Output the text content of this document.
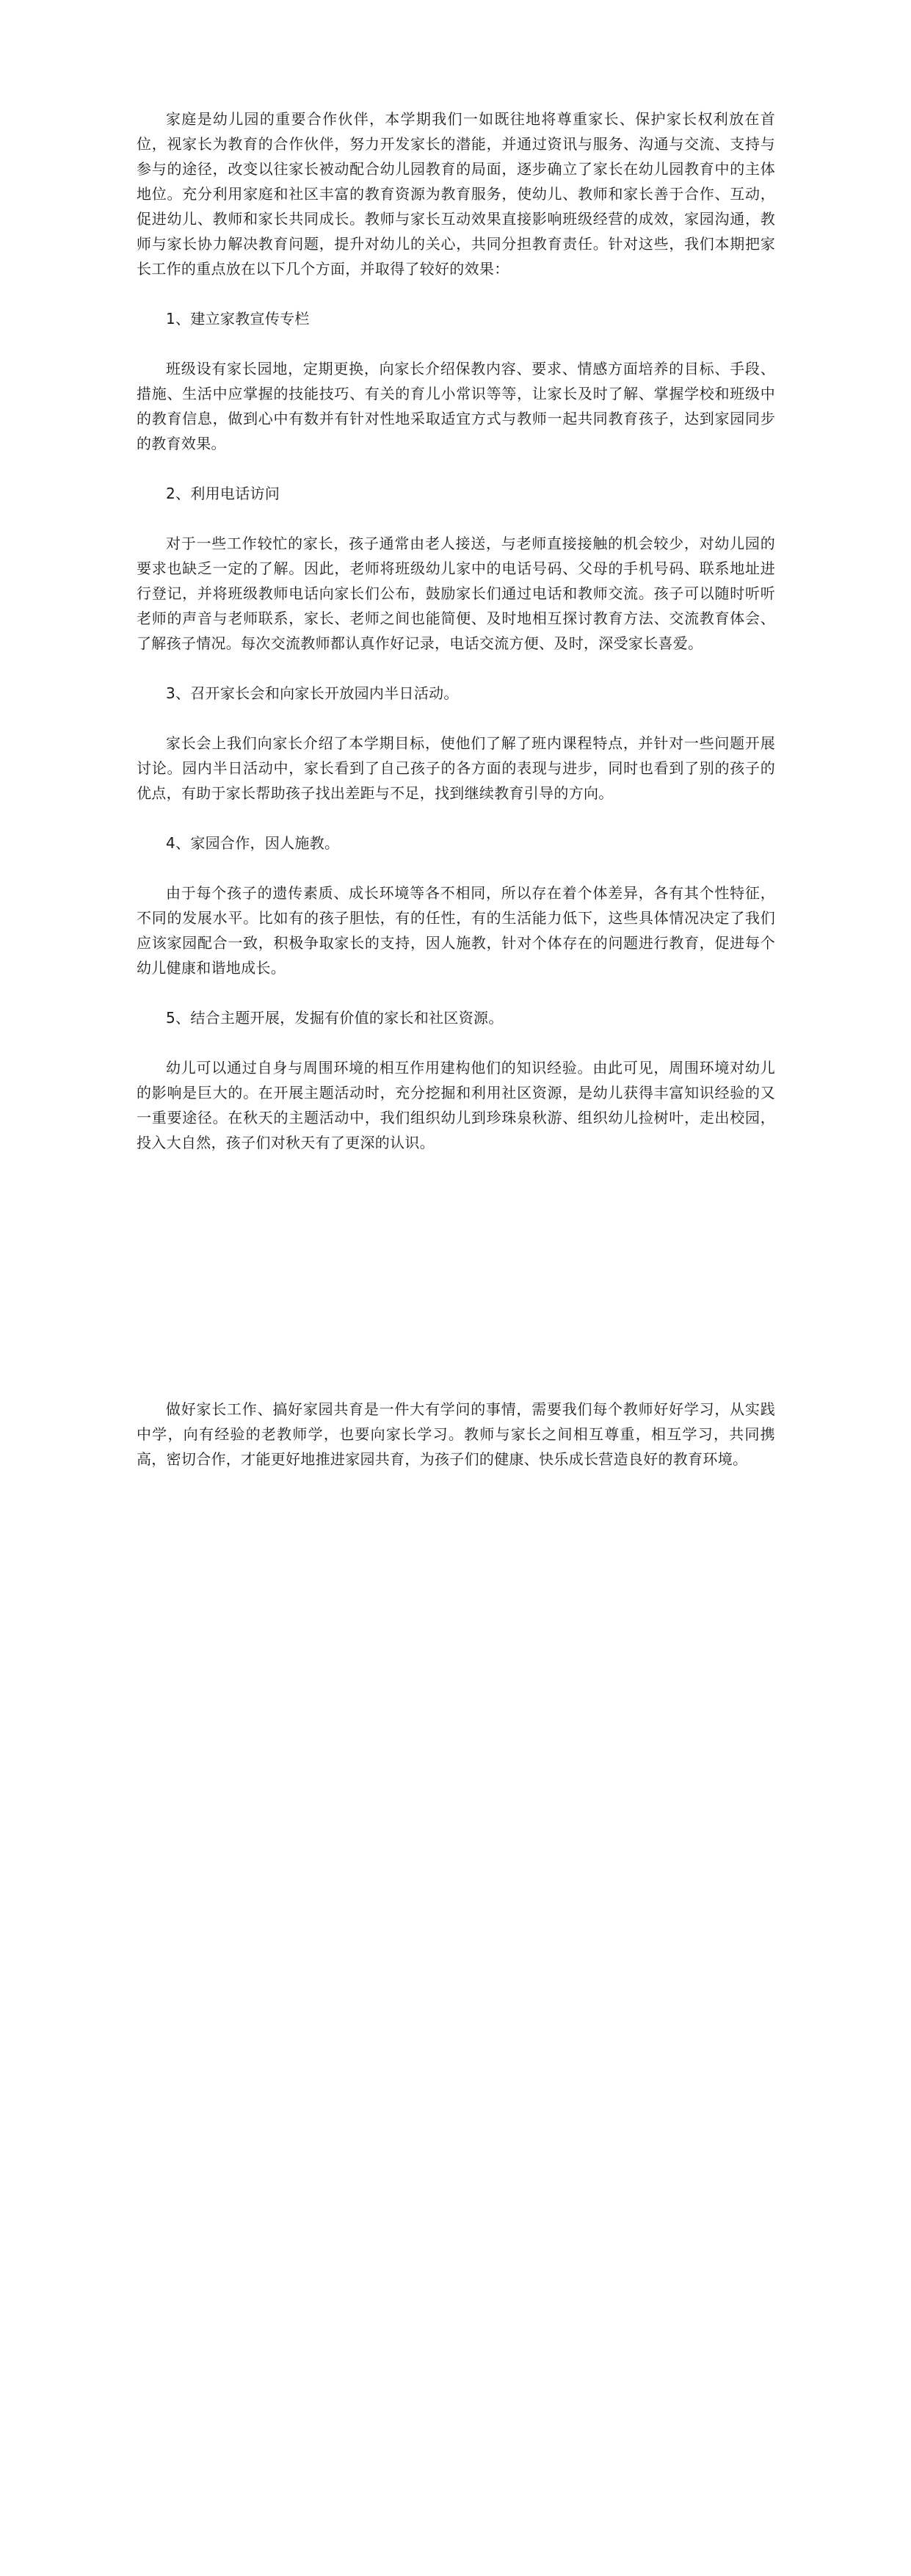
家庭是幼儿园的重要合作伙伴，本学期我们一如既往地将尊重家长、保护家长权利放在首位，视家长为教育的合作伙伴，努力开发家长的潜能，并通过资讯与服务、沟通与交流、支持与参与的途径，改变以往家长被动配合幼儿园教育的局面，逐步确立了家长在幼儿园教育中的主体地位。充分利用家庭和社区丰富的教育资源为教育服务，使幼儿、教师和家长善于合作、互动，促进幼儿、教师和家长共同成长。教师与家长互动效果直接影响班级经营的成效，家园沟通，教师与家长协力解决教育问题，提升对幼儿的关心，共同分担教育责任。针对这些，我们本期把家长工作的重点放在以下几个方面，并取得了较好的效果：

1、建立家教宣传专栏

班级设有家长园地，定期更换，向家长介绍保教内容、要求、情感方面培养的目标、手段、措施、生活中应掌握的技能技巧、有关的育儿小常识等等，让家长及时了解、掌握学校和班级中的教育信息，做到心中有数并有针对性地采取适宜方式与教师一起共同教育孩子，达到家园同步的教育效果。

2、利用电话访问

对于一些工作较忙的家长，孩子通常由老人接送，与老师直接接触的机会较少，对幼儿园的要求也缺乏一定的了解。因此，老师将班级幼儿家中的电话号码、父母的手机号码、联系地址进行登记，并将班级教师电话向家长们公布，鼓励家长们通过电话和教师交流。孩子可以随时听听老师的声音与老师联系，家长、老师之间也能简便、及时地相互探讨教育方法、交流教育体会、了解孩子情况。每次交流教师都认真作好记录，电话交流方便、及时，深受家长喜爱。

3、召开家长会和向家长开放园内半日活动。

家长会上我们向家长介绍了本学期目标，使他们了解了班内课程特点，并针对一些问题开展讨论。园内半日活动中，家长看到了自己孩子的各方面的表现与进步，同时也看到了别的孩子的优点，有助于家长帮助孩子找出差距与不足，找到继续教育引导的方向。

4、家园合作，因人施教。

由于每个孩子的遗传素质、成长环境等各不相同，所以存在着个体差异，各有其个性特征，不同的发展水平。比如有的孩子胆怯，有的任性，有的生活能力低下，这些具体情况决定了我们应该家园配合一致，积极争取家长的支持，因人施教，针对个体存在的问题进行教育，促进每个幼儿健康和谐地成长。

5、结合主题开展，发掘有价值的家长和社区资源。

幼儿可以通过自身与周围环境的相互作用建构他们的知识经验。由此可见，周围环境对幼儿的影响是巨大的。在开展主题活动时，充分挖掘和利用社区资源，是幼儿获得丰富知识经验的又一重要途径。在秋天的主题活动中，我们组织幼儿到珍珠泉秋游、组织幼儿捡树叶，走出校园，投入大自然，孩子们对秋天有了更深的认识。

做好家长工作、搞好家园共育是一件大有学问的事情，需要我们每个教师好好学习，从实践中学，向有经验的老教师学，也要向家长学习。教师与家长之间相互尊重，相互学习，共同携高，密切合作，才能更好地推进家园共育，为孩子们的健康、快乐成长营造良好的教育环境。
